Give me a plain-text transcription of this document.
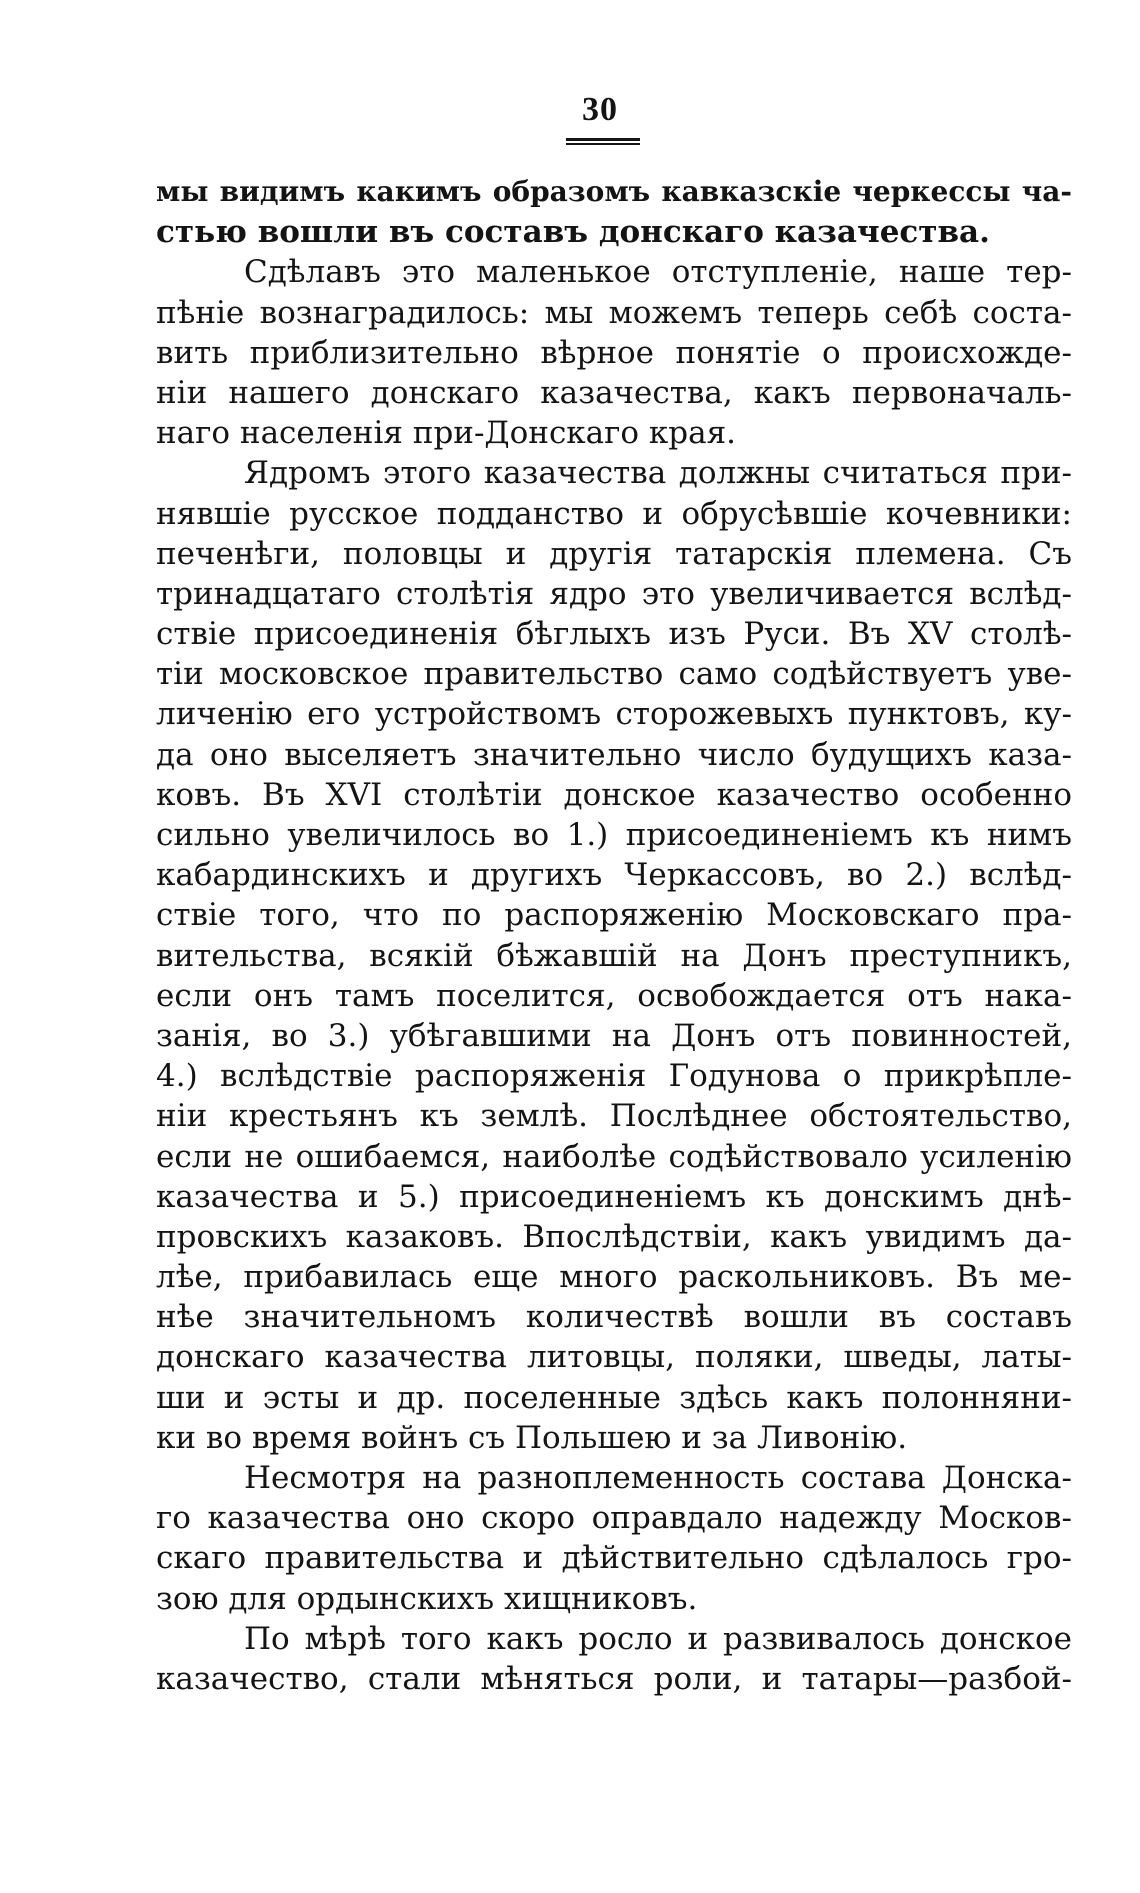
30
мы видимъ какимъ образомъ кавказскіе черкессы ча-
стью вошли въ составъ донскаго казачества.
Сдѣлавъ это маленькое отступленіе, наше тер-
пѣніе вознаградилось: мы можемъ теперь себѣ соста-
вить приблизительно вѣрное понятіе о происхожде-
ніи нашего донскаго казачества, какъ первоначаль-
наго населенія при-Донскаго края.
Ядромъ этого казачества должны считаться при-
нявшіе русское подданство и обрусѣвшіе кочевники:
печенѣги, половцы и другія татарскія племена. Съ
тринадцатаго столѣтія ядро это увеличивается вслѣд-
ствіе присоединенія бѣглыхъ изъ Руси. Въ XV столѣ-
тіи московское правительство само содѣйствуетъ уве-
личенію его устройствомъ сторожевыхъ пунктовъ, ку-
да оно выселяетъ значительно число будущихъ каза-
ковъ. Въ XVI столѣтіи донское казачество особенно
сильно увеличилось во 1.) присоединеніемъ къ нимъ
кабардинскихъ и другихъ Черкассовъ, во 2.) вслѣд-
ствіе того, что по распоряженію Московскаго пра-
вительства, всякій бѣжавшій на Донъ преступникъ,
если онъ тамъ поселится, освобождается отъ нака-
занія, во 3.) убѣгавшими на Донъ отъ повинностей,
4.) вслѣдствіе распоряженія Годунова о прикрѣпле-
ніи крестьянъ къ землѣ. Послѣднее обстоятельство,
если не ошибаемся, наиболѣе содѣйствовало усиленію
казачества и 5.) присоединеніемъ къ донскимъ днѣ-
провскихъ казаковъ. Впослѣдствіи, какъ увидимъ да-
лѣе, прибавилась еще много раскольниковъ. Въ ме-
нѣе значительномъ количествѣ вошли въ составъ
донскаго казачества литовцы, поляки, шведы, латы-
ши и эсты и др. поселенные здѣсь какъ полонняни-
ки во время войнъ съ Польшею и за Ливонію.
Несмотря на разноплеменность состава Донска-
го казачества оно скоро оправдало надежду Москов-
скаго правительства и дѣйствительно сдѣлалось гро-
зою для ордынскихъ хищниковъ.
По мѣрѣ того какъ росло и развивалось донское
казачество, стали мѣняться роли, и татары—разбой-
